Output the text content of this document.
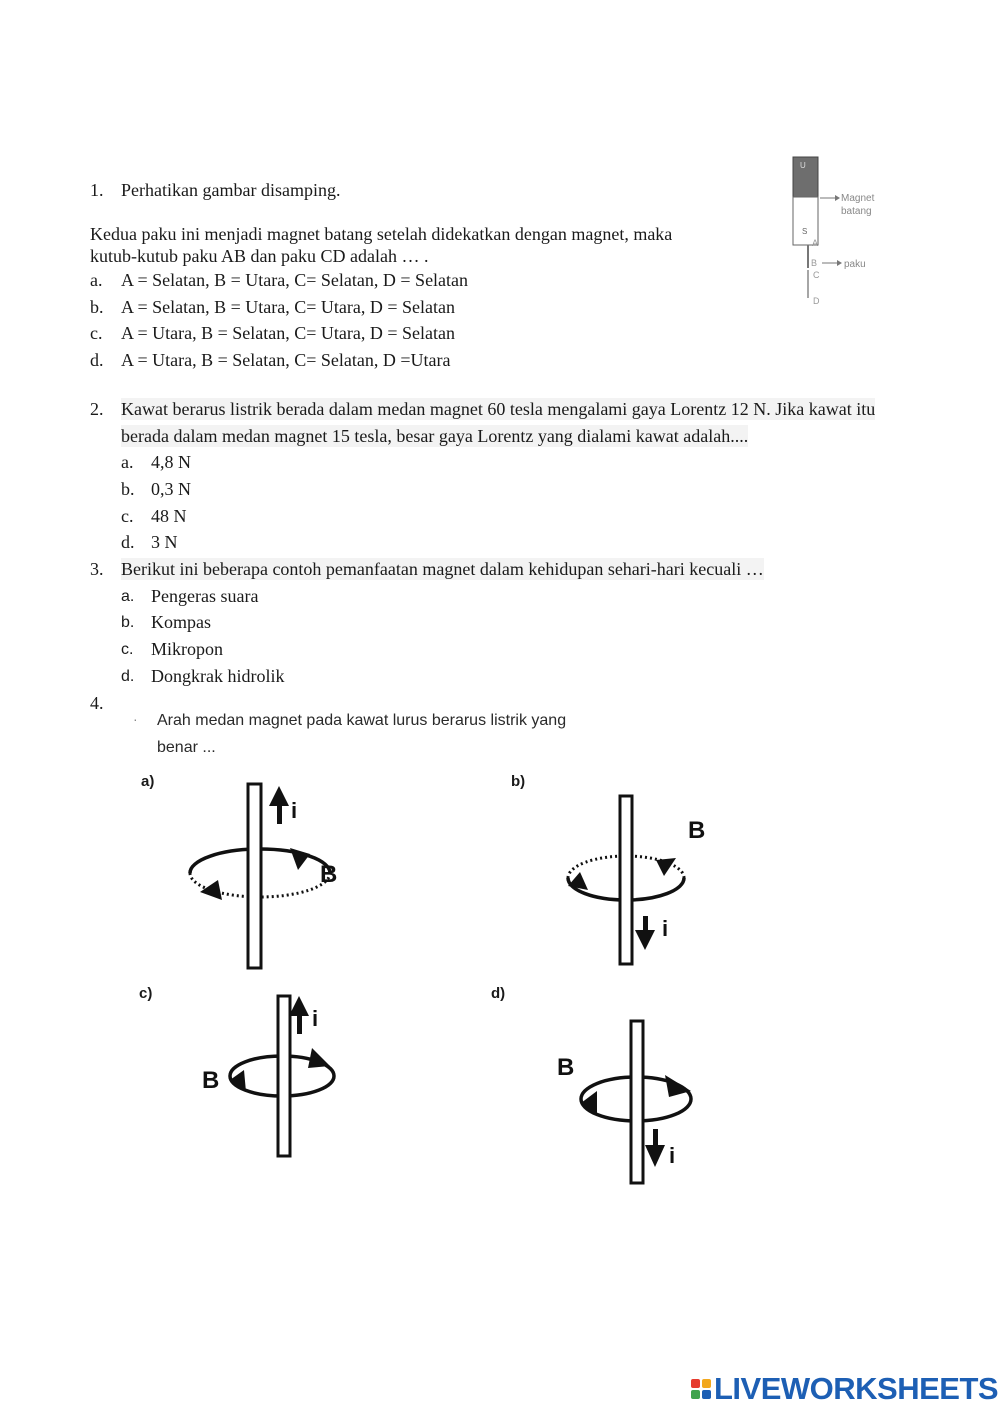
1. Perhatikan gambar disamping.
Kedua paku ini menjadi magnet batang setelah didekatkan dengan magnet, maka
kutub-kutub paku AB dan paku CD adalah … .
a. A = Selatan, B = Utara, C= Selatan, D = Selatan
b. A = Selatan, B = Utara, C= Utara, D = Selatan
c. A = Utara, B = Selatan, C= Utara, D = Selatan
d. A = Utara, B = Selatan, C= Selatan, D =Utara
U
S
Magnet
batang
paku
A
B
C
D
2. Kawat berarus listrik berada dalam medan magnet 60 tesla mengalami gaya Lorentz 12 N. Jika kawat itu
berada dalam medan magnet 15 tesla, besar gaya Lorentz yang dialami kawat adalah....
a. 4,8 N
b. 0,3 N
c. 48 N
d. 3 N
3. Berikut ini beberapa contoh pemanfaatan magnet dalam kehidupan sehari-hari kecuali …
a. Pengeras suara
b. Kompas
c. Mikropon
d. Dongkrak hidrolik
4.
· Arah medan magnet pada kawat lurus berarus listrik yang
benar ...
a)	b)
c)	d)
i
B
i
B
i
B
i
B
LIVEWORKSHEETS
